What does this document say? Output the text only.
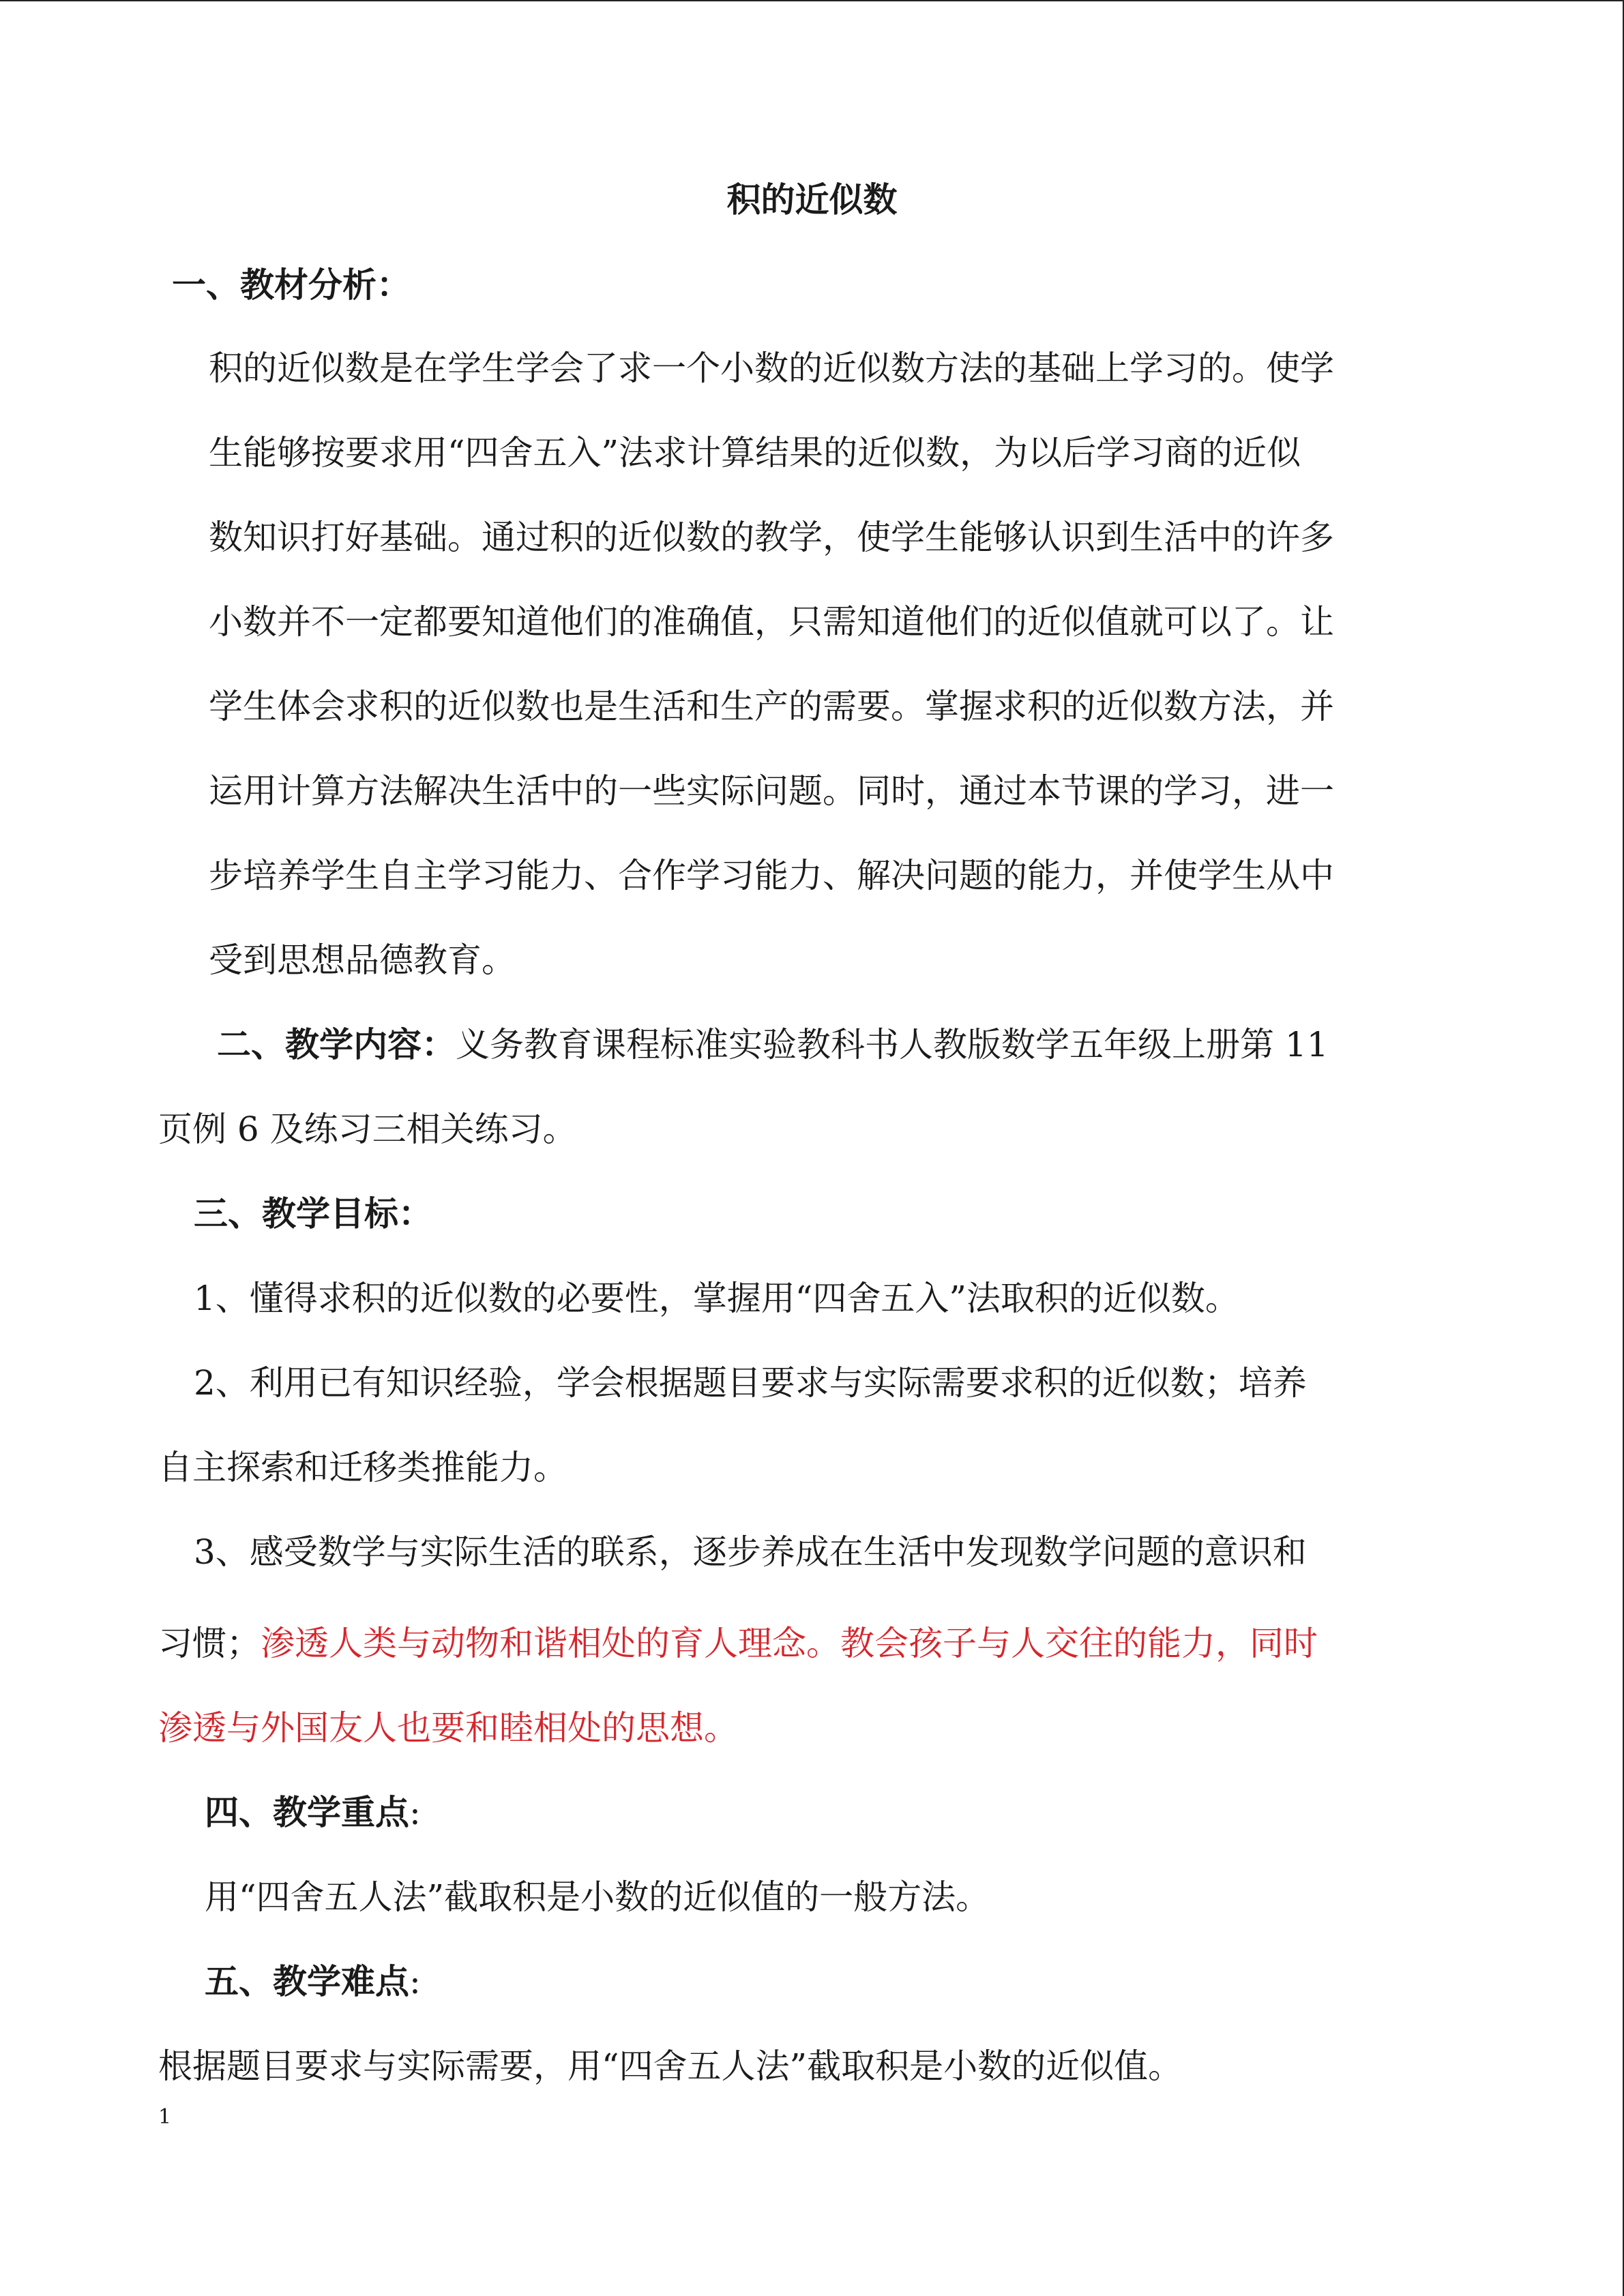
积的近似数
一、教材分析：
积的近似数是在学生学会了求一个小数的近似数方法的基础上学习的。使学
生能够按要求用“四舍五入”法求计算结果的近似数，为以后学习商的近似
数知识打好基础。通过积的近似数的教学，使学生能够认识到生活中的许多
小数并不一定都要知道他们的准确值，只需知道他们的近似值就可以了。让
学生体会求积的近似数也是生活和生产的需要。掌握求积的近似数方法，并
运用计算方法解决生活中的一些实际问题。同时，通过本节课的学习，进一
步培养学生自主学习能力、合作学习能力、解决问题的能力，并使学生从中
受到思想品德教育。
二、教学内容：义务教育课程标准实验教科书人教版数学五年级上册第 11
页例 6 及练习三相关练习。
三、教学目标：
1、懂得求积的近似数的必要性，掌握用“四舍五入”法取积的近似数。
2、利用已有知识经验，学会根据题目要求与实际需要求积的近似数；培养
自主探索和迁移类推能力。
3、感受数学与实际生活的联系，逐步养成在生活中发现数学问题的意识和
习惯；渗透人类与动物和谐相处的育人理念。教会孩子与人交往的能力，同时
渗透与外国友人也要和睦相处的思想。
四、教学重点:
用“四舍五人法”截取积是小数的近似值的一般方法。
五、教学难点:
根据题目要求与实际需要，用“四舍五人法”截取积是小数的近似值。
1
